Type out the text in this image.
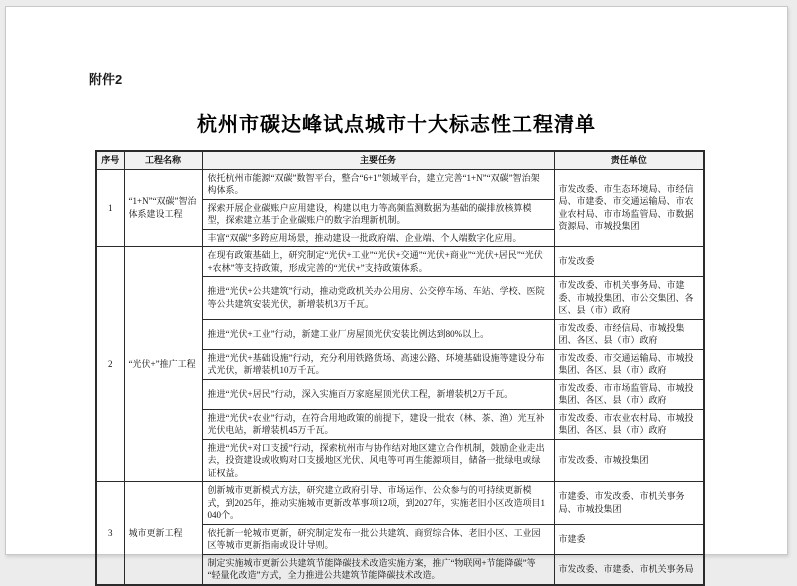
附件2
杭州市碳达峰试点城市十大标志性工程清单
序号	工程名称	主要任务	责任单位
1	“1+N”“双碳”智治体系建设工程	依托杭州市能源“双碳”数智平台，整合“6+1”领域平台，建立完善“1+N”“双碳”智治架构体系。	市发改委、市生态环境局、市经信局、市建委、市交通运输局、市农业农村局、市市场监管局、市数据资源局、市城投集团
		探索开展企业碳账户应用建设，构建以电力等高频监测数据为基础的碳排放核算模型，探索建立基于企业碳账户的数字治理新机制。	
		丰富“双碳”多跨应用场景，推动建设一批政府端、企业端、个人端数字化应用。	
2	“光伏+”推广工程	在现有政策基础上，研究制定“光伏+工业”“光伏+交通”“光伏+商业”“光伏+居民”“光伏+农林”等支持政策，形成完善的“光伏+”支持政策体系。	市发改委
		推进“光伏+公共建筑”行动，推动党政机关办公用房、公交停车场、车站、学校、医院等公共建筑安装光伏，新增装机3万千瓦。	市发改委、市机关事务局、市建委、市城投集团、市公交集团、各区、县（市）政府
		推进“光伏+工业”行动，新建工业厂房屋顶光伏安装比例达到80%以上。	市发改委、市经信局、市城投集团、各区、县（市）政府
		推进“光伏+基础设施”行动，充分利用铁路货场、高速公路、环境基础设施等建设分布式光伏，新增装机10万千瓦。	市发改委、市交通运输局、市城投集团、各区、县（市）政府
		推进“光伏+居民”行动，深入实施百万家庭屋顶光伏工程，新增装机2万千瓦。	市发改委、市市场监管局、市城投集团、各区、县（市）政府
		推进“光伏+农业”行动，在符合用地政策的前提下，建设一批农（林、茶、渔）光互补光伏电站，新增装机45万千瓦。	市发改委、市农业农村局、市城投集团、各区、县（市）政府
		推进“光伏+对口支援”行动，探索杭州市与协作结对地区建立合作机制，鼓励企业走出去，投资建设或收购对口支援地区光伏、风电等可再生能源项目，储备一批绿电或绿证权益。	市发改委、市城投集团
3	城市更新工程	创新城市更新模式方法，研究建立政府引导、市场运作、公众参与的可持续更新模式，到2025年，推动实施城市更新改革事项12项，到2027年，实施老旧小区改造项目1040个。	市建委、市发改委、市机关事务局、市城投集团
		依托新一轮城市更新，研究制定发布一批公共建筑、商贸综合体、老旧小区、工业园区等城市更新指南或设计导则。	市建委
		制定实施城市更新公共建筑节能降碳技术改造实施方案，推广“物联网+节能降碳”等“轻量化改造”方式，全力推进公共建筑节能降碳技术改造。	市发改委、市建委、市机关事务局
